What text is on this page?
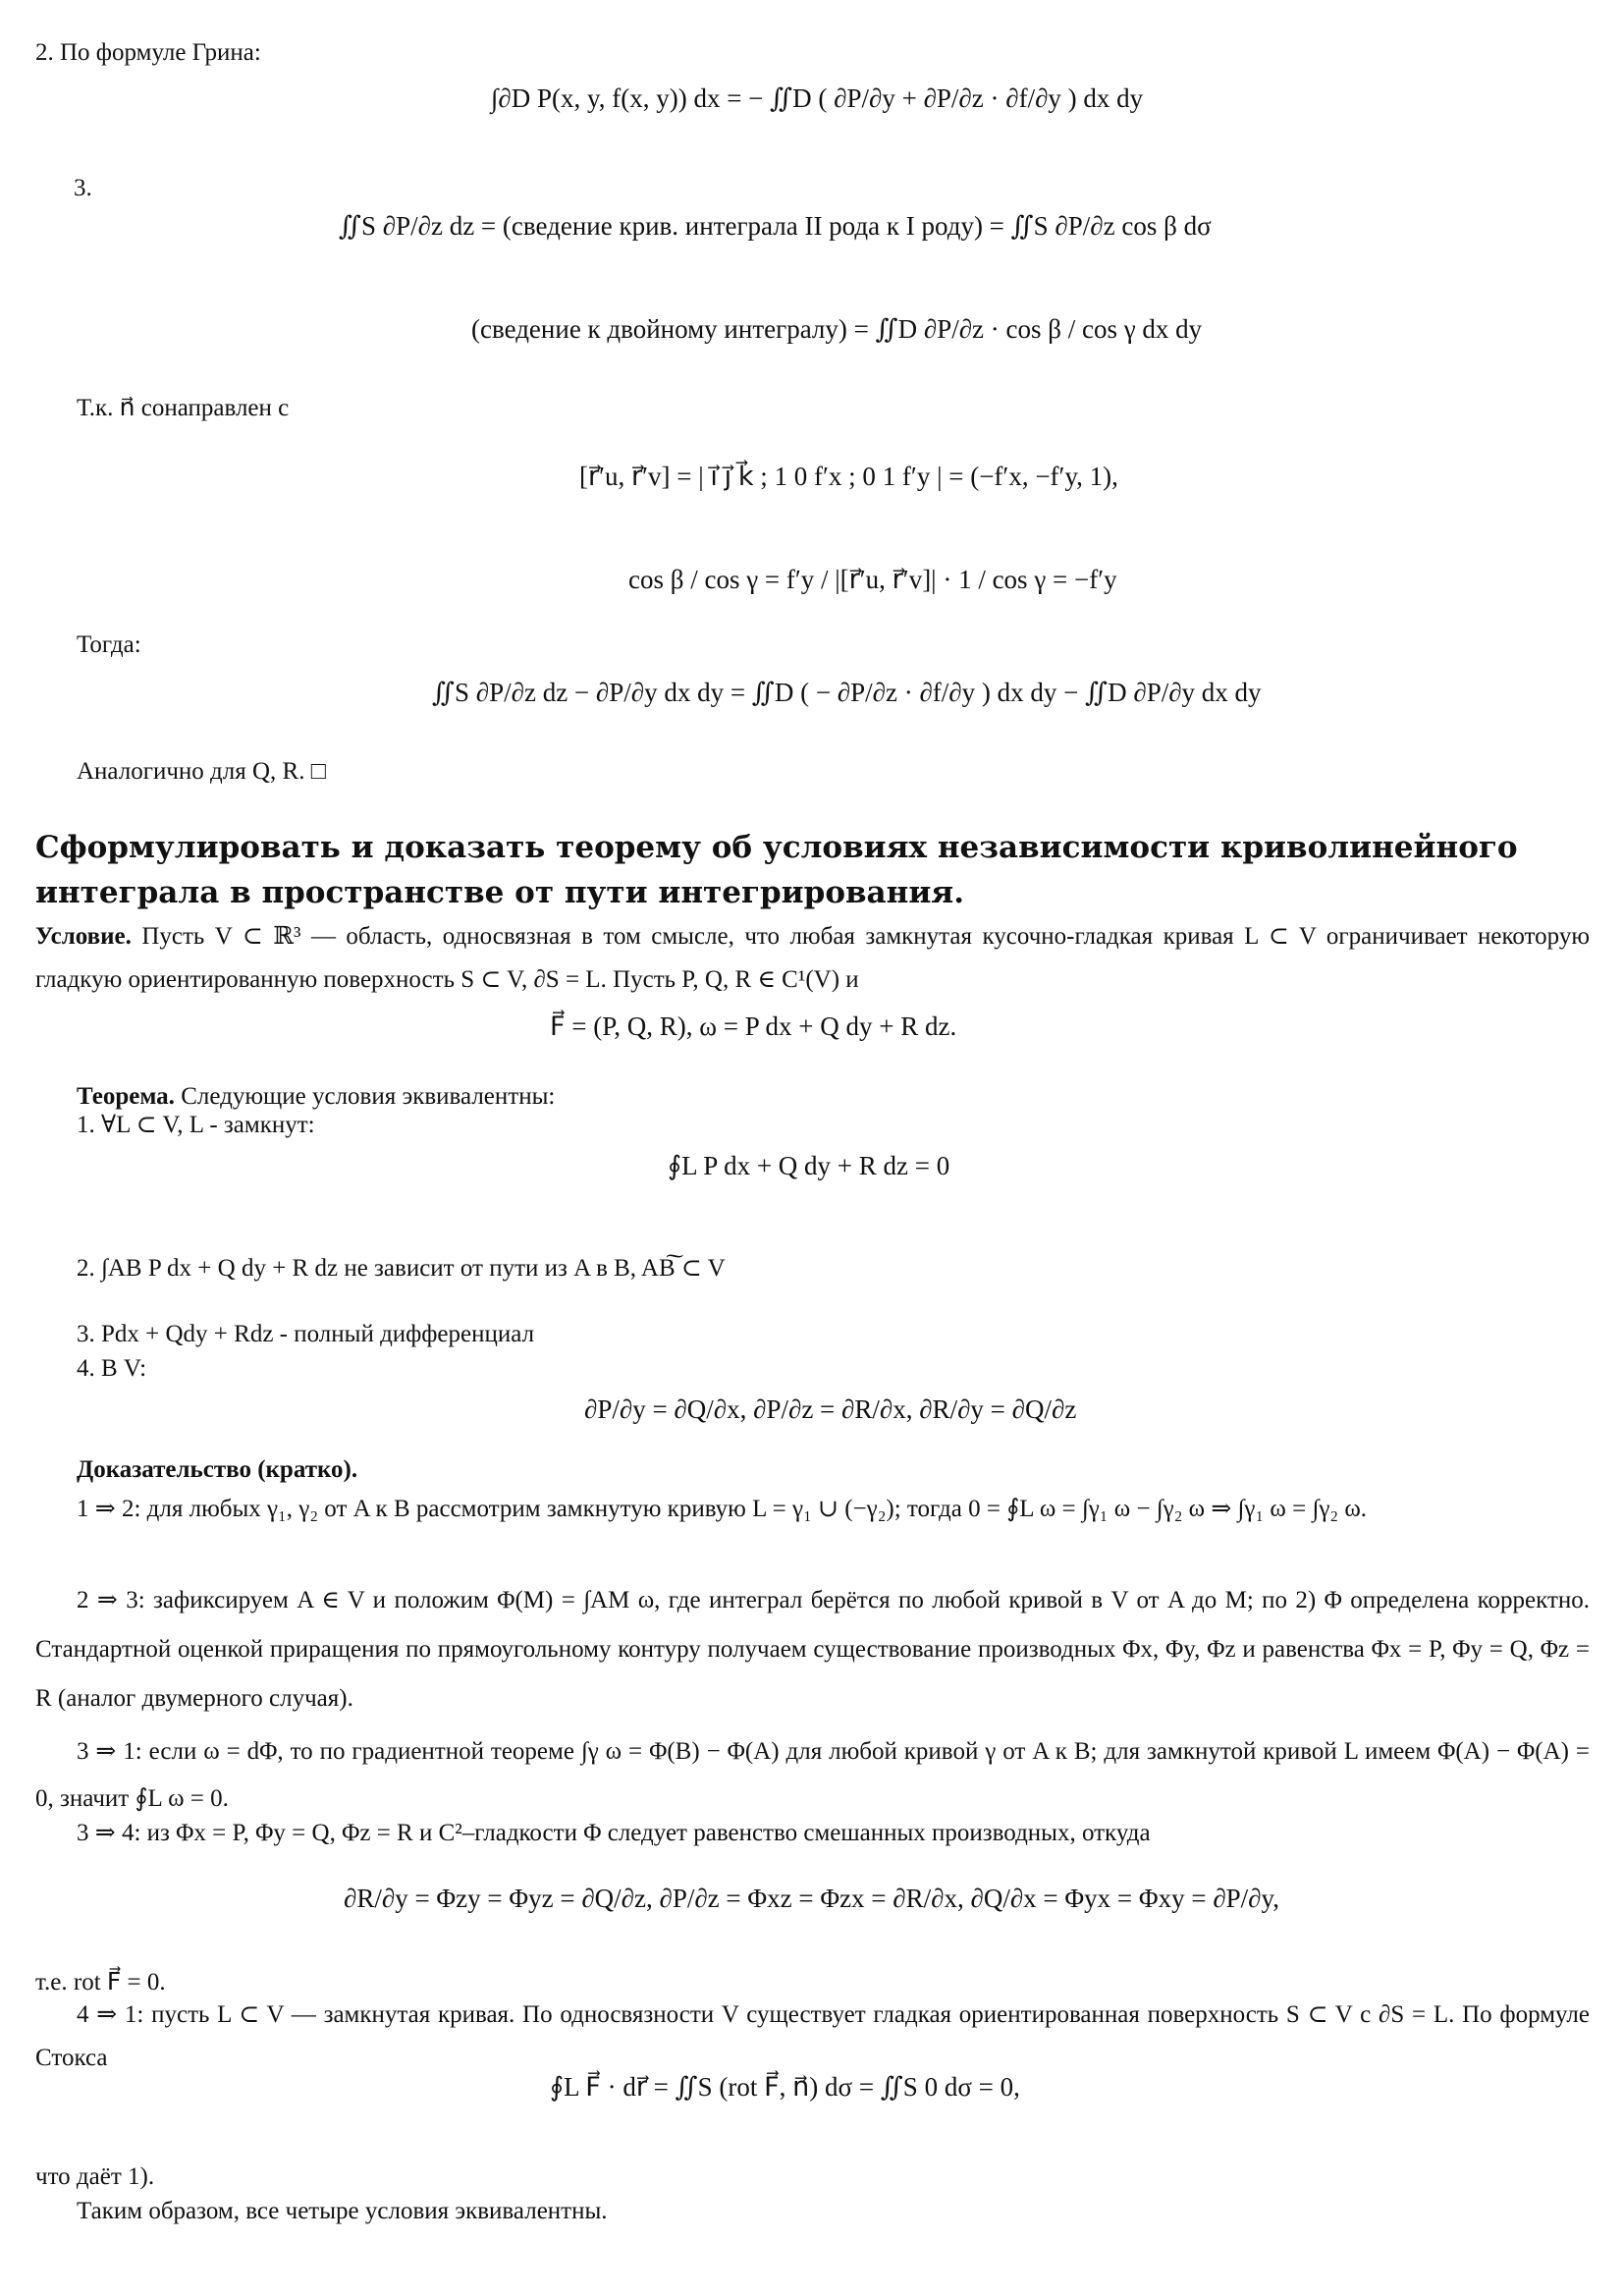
2. По формуле Грина:
∫∂D P(x, y, f(x, y)) dx = − ∬D ( ∂P/∂y + ∂P/∂z · ∂f/∂y ) dx dy
3.
∬S ∂P/∂z dz = (сведение крив. интеграла II рода к I роду) = ∬S ∂P/∂z cos β dσ
(сведение к двойному интегралу) = ∬D ∂P/∂z · cos β / cos γ dx dy
Т.к. n⃗ сонаправлен с
[r⃗′u, r⃗′v] = | i⃗ j⃗ k⃗ ; 1 0 f′x ; 0 1 f′y | = (−f′x, −f′y, 1),
cos β / cos γ = f′y / |[r⃗′u, r⃗′v]| · 1 / cos γ = −f′y
Тогда:
∬S ∂P/∂z dz − ∂P/∂y dx dy = ∬D ( − ∂P/∂z · ∂f/∂y ) dx dy − ∬D ∂P/∂y dx dy
Аналогично для Q, R. □
Сформулировать и доказать теорему об условиях независимости криволинейного интеграла в пространстве от пути интегрирования.
Условие. Пусть V ⊂ ℝ³ — область, односвязная в том смысле, что любая замкнутая кусочно-гладкая кривая L ⊂ V ограничивает некоторую гладкую ориентированную поверхность S ⊂ V, ∂S = L. Пусть P, Q, R ∈ C¹(V) и
F⃗ = (P, Q, R), ω = P dx + Q dy + R dz.
Теорема. Следующие условия эквивалентны:
1. ∀L ⊂ V, L - замкнут:
∮L P dx + Q dy + R dz = 0
2. ∫AB P dx + Q dy + R dz не зависит от пути из A в B, AB͠ ⊂ V
3. Pdx + Qdy + Rdz - полный дифференциал
4. В V:
∂P/∂y = ∂Q/∂x, ∂P/∂z = ∂R/∂x, ∂R/∂y = ∂Q/∂z
Доказательство (кратко).
1 ⇒ 2: для любых γ₁, γ₂ от A к B рассмотрим замкнутую кривую L = γ₁ ∪ (−γ₂); тогда 0 = ∮L ω = ∫γ₁ ω − ∫γ₂ ω ⇒ ∫γ₁ ω = ∫γ₂ ω.
2 ⇒ 3: зафиксируем A ∈ V и положим Φ(M) = ∫AM ω, где интеграл берётся по любой кривой в V от A до M; по 2) Φ определена корректно. Стандартной оценкой приращения по прямоугольному контуру получаем существование производных Φx, Φy, Φz и равенства Φx = P, Φy = Q, Φz = R (аналог двумерного случая).
3 ⇒ 1: если ω = dΦ, то по градиентной теореме ∫γ ω = Φ(B) − Φ(A) для любой кривой γ от A к B; для замкнутой кривой L имеем Φ(A) − Φ(A) = 0, значит ∮L ω = 0.
3 ⇒ 4: из Φx = P, Φy = Q, Φz = R и C²–гладкости Φ следует равенство смешанных производных, откуда
∂R/∂y = Φzy = Φyz = ∂Q/∂z, ∂P/∂z = Φxz = Φzx = ∂R/∂x, ∂Q/∂x = Φyx = Φxy = ∂P/∂y,
т.е. rot F⃗ = 0.
4 ⇒ 1: пусть L ⊂ V — замкнутая кривая. По односвязности V существует гладкая ориентированная поверхность S ⊂ V с ∂S = L. По формуле Стокса
∮L F⃗ · dr⃗ = ∬S (rot F⃗, n⃗) dσ = ∬S 0 dσ = 0,
что даёт 1).
Таким образом, все четыре условия эквивалентны.
